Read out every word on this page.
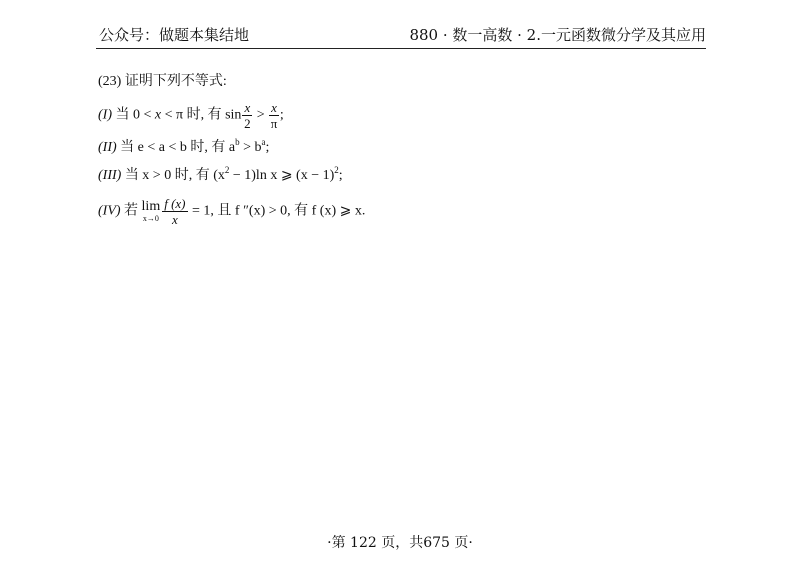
公众号：做题本集结地	880 · 数一高数 · 2.一元函数微分学及其应用
(23) 证明下列不等式:
(I) 当 0 < x < π 时, 有 $\sin \frac{x}{2} > \frac{x}{\pi}$ ;
(II) 当 e < a < b 时, 有 $a^b > b^a$;
(III) 当 x > 0 时, 有 $(x^2 - 1)\ln$ x ⩾ $(x - 1)^2$;
(IV) 若 lim
$x\to 0 \frac{f (x)}{x} = 1$, 且 f ″(x) > 0, 有 f (x) ⩾ x.
·第 122 页，共675 页·
